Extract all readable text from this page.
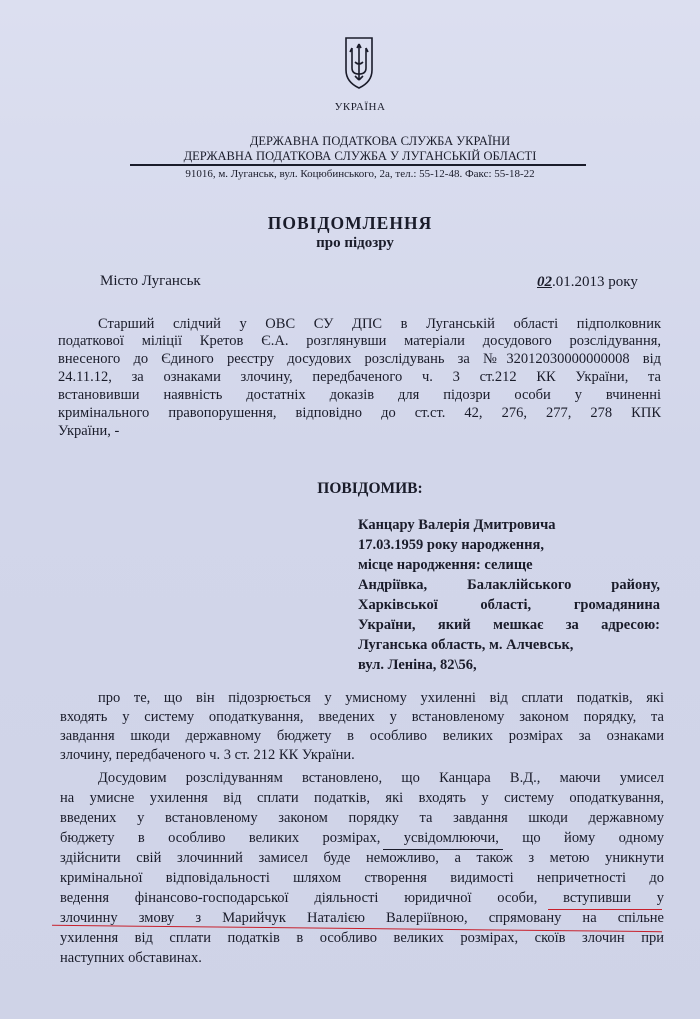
УКРАЇНА
ДЕРЖАВНА ПОДАТКОВА СЛУЖБА УКРАЇНИ
ДЕРЖАВНА ПОДАТКОВА СЛУЖБА У ЛУГАНСЬКІЙ ОБЛАСТІ
91016, м. Луганськ, вул. Коцюбинського, 2а, тел.: 55-12-48. Факс: 55-18-22
ПОВІДОМЛЕННЯ
про підозру
Місто Луганськ	02.01.2013 року
Старший слідчий у ОВС СУ ДПС в Луганській області підполковник
податкової міліції Кретов Є.А. розглянувши матеріали досудового розслідування,
внесеного до Єдиного реєстру досудових розслідувань за №32012030000000008 від
24.11.12, за ознаками злочину, передбаченого ч. 3 ст.212 КК України, та
встановивши наявність достатніх доказів для підозри особи у вчиненні
кримінального правопорушення, відповідно до ст.ст. 42, 276, 277, 278 КПК
України, -
ПОВІДОМИВ:
Канцару Валерія Дмитровича
17.03.1959 року народження,
місце народження: селище
Андріївка, Балаклійського району,
Харківської області, громадянина
України, який мешкає за адресою:
Луганська область, м. Алчевськ,
вул. Леніна, 82\56,
про те, що він підозрюється у умисному ухиленні від сплати податків, які
входять у систему оподаткування, введених у встановленому законом порядку, та
завдання шкоди державному бюджету в особливо великих розмірах за ознаками
злочину, передбаченого ч. 3 ст. 212 КК України.
Досудовим розслідуванням встановлено, що Канцара В.Д., маючи умисел
на умисне ухилення від сплати податків, які входять у систему оподаткування,
введених у встановленому законом порядку та завдання шкоди державному
бюджету в особливо великих розмірах, усвідомлюючи, що йому одному
здійснити свій злочинний замисел буде неможливо, а також з метою уникнути
кримінальної відповідальності шляхом створення видимості непричетності до
ведення фінансово-господарської діяльності юридичної особи, вступивши у
злочинну змову з Марийчук Наталією Валеріївною, спрямовану на спільне
ухилення від сплати податків в особливо великих розмірах, скоїв злочин при
наступних обставинах.
